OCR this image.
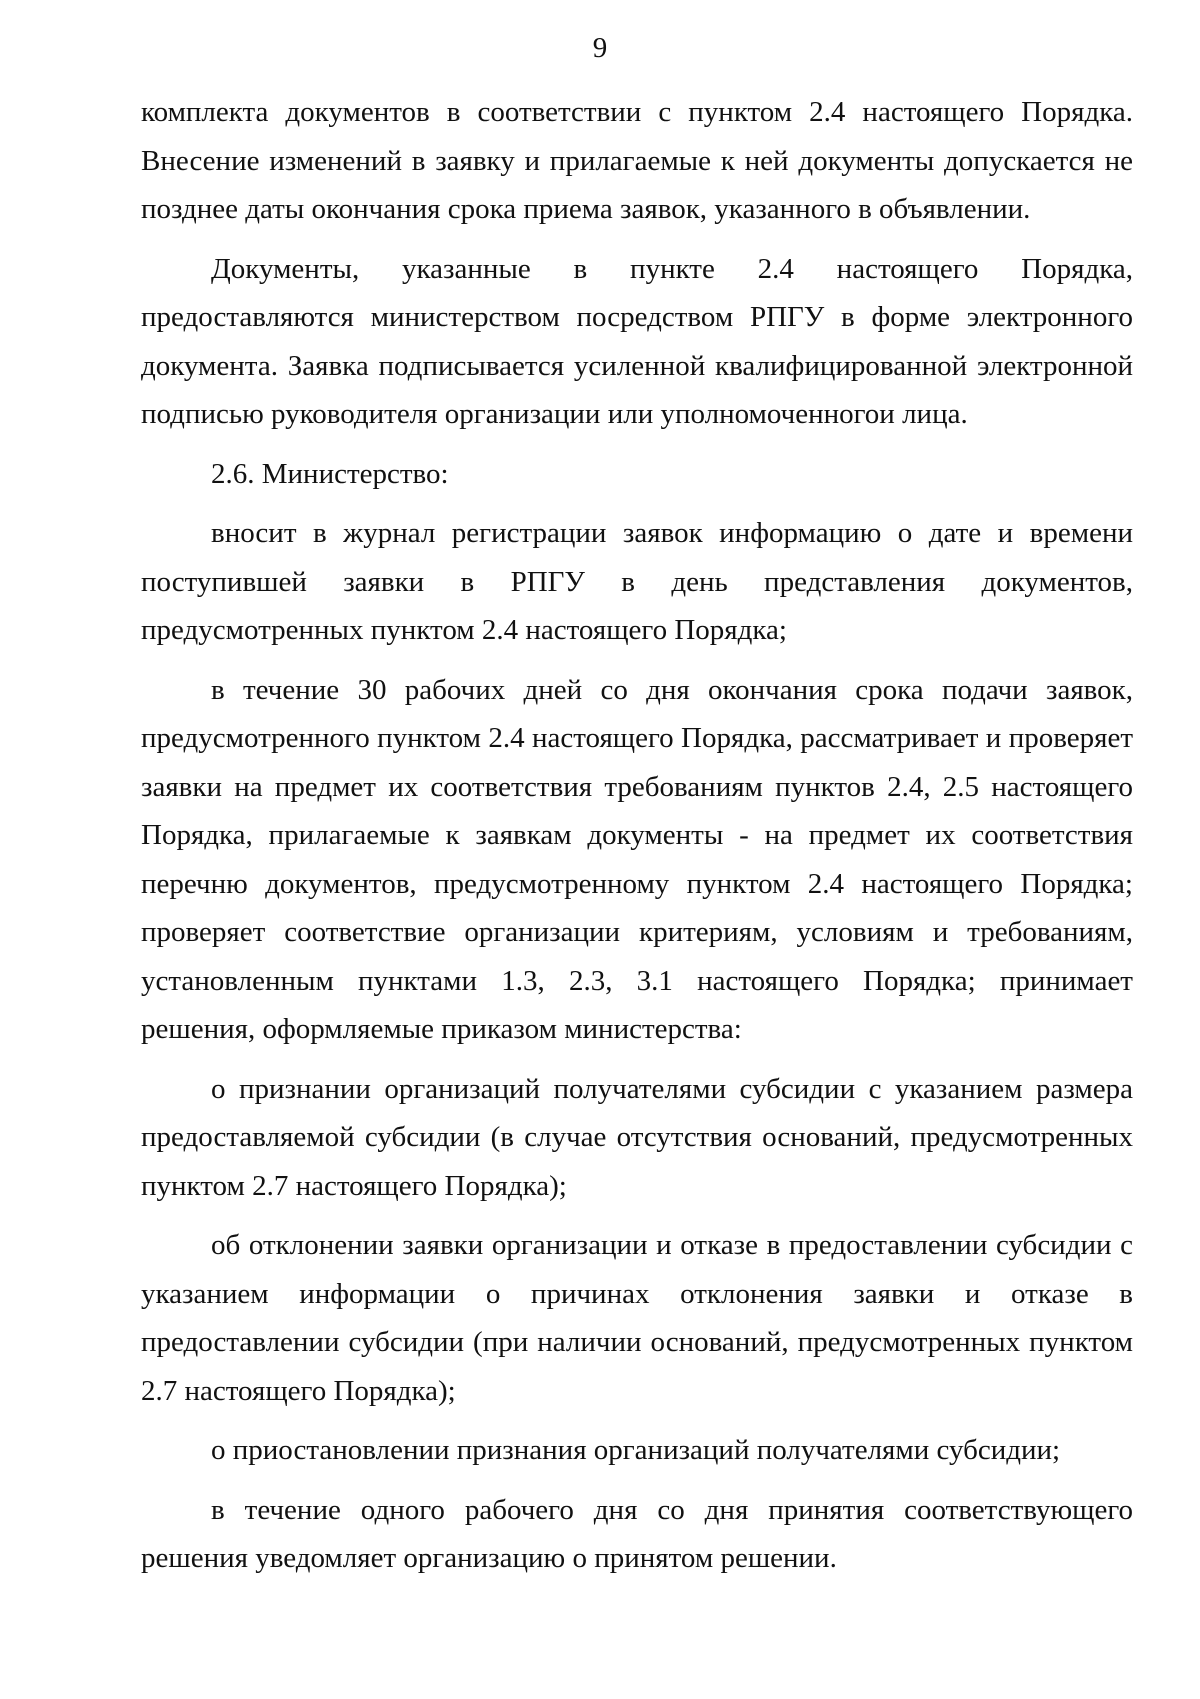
9

комплекта документов в соответствии с пунктом 2.4 настоящего Порядка. Внесение изменений в заявку и прилагаемые к ней документы допускается не позднее даты окончания срока приема заявок, указанного в объявлении.

Документы, указанные в пункте 2.4 настоящего Порядка, предоставляются министерством посредством РПГУ в форме электронного документа. Заявка подписывается усиленной квалифицированной электронной подписью руководителя организации или уполномоченногои лица.

2.6. Министерство:

вносит в журнал регистрации заявок информацию о дате и времени поступившей заявки в РПГУ в день представления документов, предусмотренных пунктом 2.4 настоящего Порядка;

в течение 30 рабочих дней со дня окончания срока подачи заявок, предусмотренного пунктом 2.4 настоящего Порядка, рассматривает и проверяет заявки на предмет их соответствия требованиям пунктов 2.4, 2.5 настоящего Порядка, прилагаемые к заявкам документы - на предмет их соответствия перечню документов, предусмотренному пунктом 2.4 настоящего Порядка; проверяет соответствие организации критериям, условиям и требованиям, установленным пунктами 1.3, 2.3, 3.1 настоящего Порядка; принимает решения, оформляемые приказом министерства:

о признании организаций получателями субсидии с указанием размера предоставляемой субсидии (в случае отсутствия оснований, предусмотренных пунктом 2.7 настоящего Порядка);

об отклонении заявки организации и отказе в предоставлении субсидии с указанием информации о причинах отклонения заявки и отказе в предоставлении субсидии (при наличии оснований, предусмотренных пунктом 2.7 настоящего Порядка);

о приостановлении признания организаций получателями субсидии;

в течение одного рабочего дня со дня принятия соответствующего решения уведомляет организацию о принятом решении.
